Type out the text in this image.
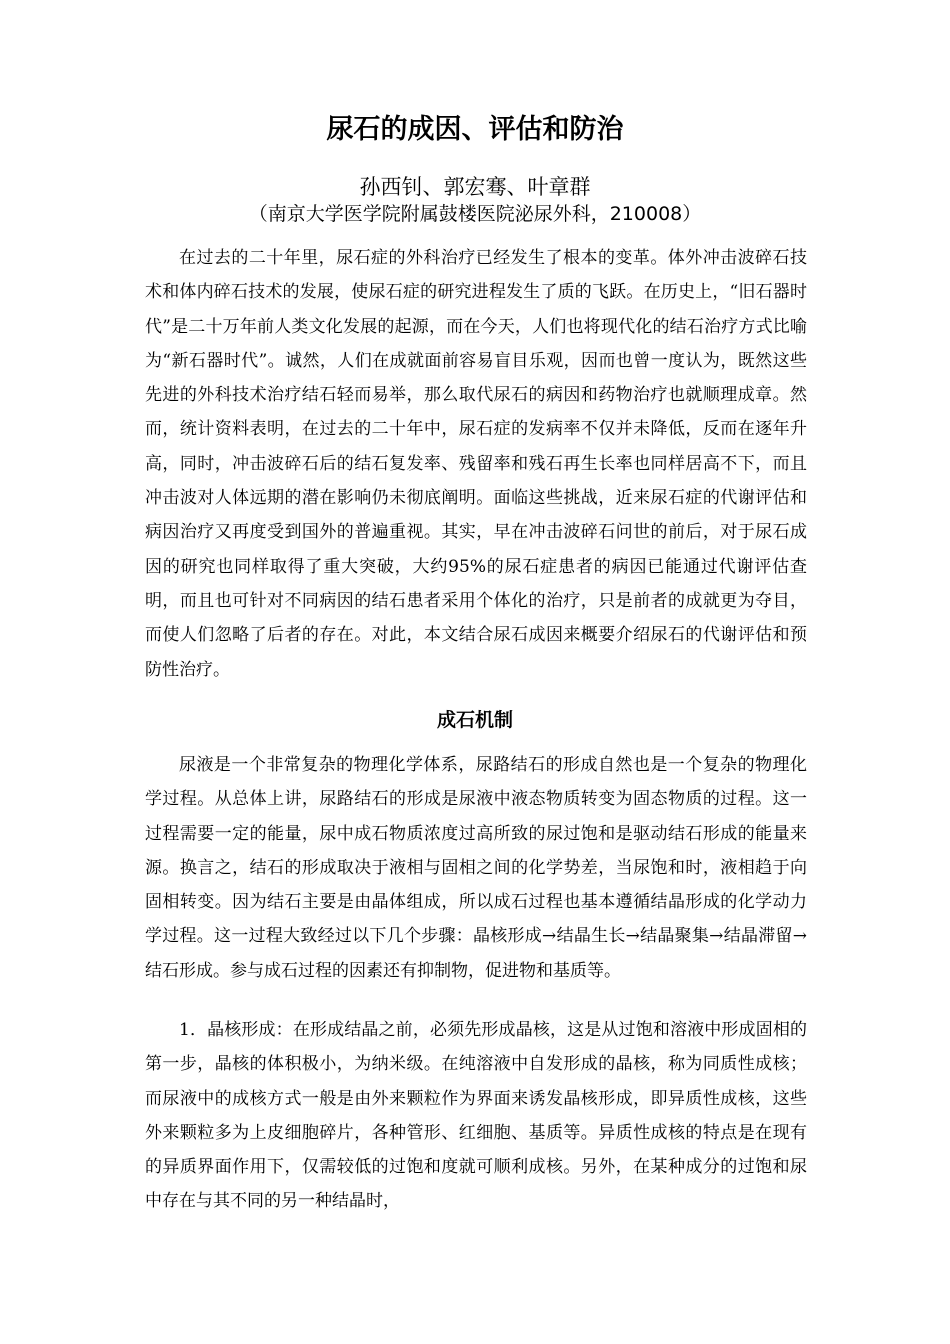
尿石的成因、评估和防治

孙西钊、郭宏骞、叶章群

（南京大学医学院附属鼓楼医院泌尿外科，210008）

在过去的二十年里，尿石症的外科治疗已经发生了根本的变革。体外冲击波碎石技术和体内碎石技术的发展，使尿石症的研究进程发生了质的飞跃。在历史上，“旧石器时代”是二十万年前人类文化发展的起源，而在今天，人们也将现代化的结石治疗方式比喻为“新石器时代”。诚然，人们在成就面前容易盲目乐观，因而也曾一度认为，既然这些先进的外科技术治疗结石轻而易举，那么取代尿石的病因和药物治疗也就顺理成章。然而，统计资料表明，在过去的二十年中，尿石症的发病率不仅并未降低，反而在逐年升高，同时，冲击波碎石后的结石复发率、残留率和残石再生长率也同样居高不下，而且冲击波对人体远期的潜在影响仍未彻底阐明。面临这些挑战，近来尿石症的代谢评估和病因治疗又再度受到国外的普遍重视。其实，早在冲击波碎石问世的前后，对于尿石成因的研究也同样取得了重大突破，大约95%的尿石症患者的病因已能通过代谢评估查明，而且也可针对不同病因的结石患者采用个体化的治疗，只是前者的成就更为夺目，而使人们忽略了后者的存在。对此，本文结合尿石成因来概要介绍尿石的代谢评估和预防性治疗。

成石机制

尿液是一个非常复杂的物理化学体系，尿路结石的形成自然也是一个复杂的物理化学过程。从总体上讲，尿路结石的形成是尿液中液态物质转变为固态物质的过程。这一过程需要一定的能量，尿中成石物质浓度过高所致的尿过饱和是驱动结石形成的能量来源。换言之，结石的形成取决于液相与固相之间的化学势差，当尿饱和时，液相趋于向固相转变。因为结石主要是由晶体组成，所以成石过程也基本遵循结晶形成的化学动力学过程。这一过程大致经过以下几个步骤：晶核形成→结晶生长→结晶聚集→结晶滞留→结石形成。参与成石过程的因素还有抑制物，促进物和基质等。

1．晶核形成：在形成结晶之前，必须先形成晶核，这是从过饱和溶液中形成固相的第一步，晶核的体积极小，为纳米级。在纯溶液中自发形成的晶核，称为同质性成核；而尿液中的成核方式一般是由外来颗粒作为界面来诱发晶核形成，即异质性成核，这些外来颗粒多为上皮细胞碎片，各种管形、红细胞、基质等。异质性成核的特点是在现有的异质界面作用下，仅需较低的过饱和度就可顺利成核。另外，在某种成分的过饱和尿中存在与其不同的另一种结晶时，
